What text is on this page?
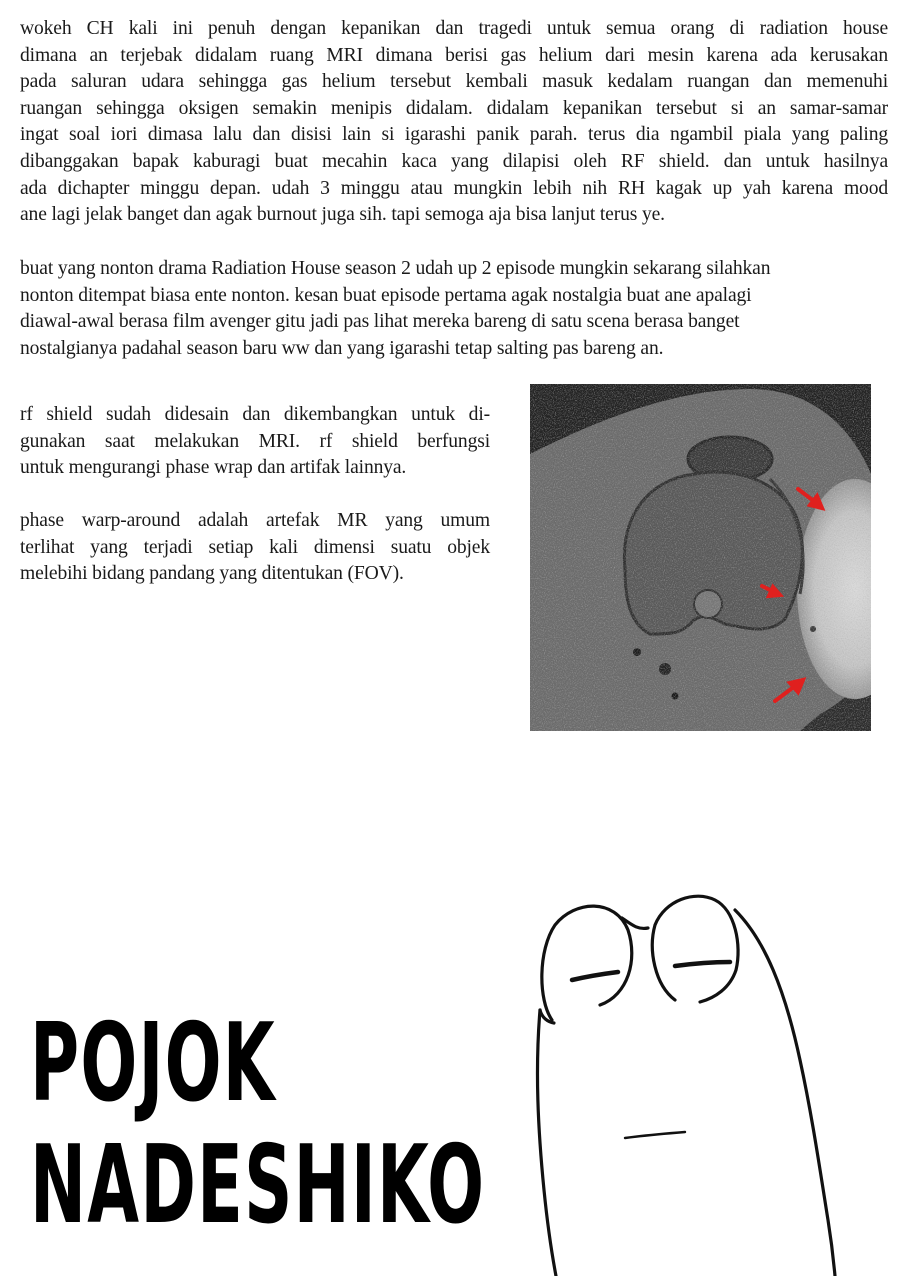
wokeh CH kali ini penuh dengan kepanikan dan tragedi untuk semua orang di radiation house
dimana an terjebak didalam ruang MRI dimana berisi gas helium dari mesin karena ada kerusakan
pada saluran udara sehingga gas helium tersebut kembali masuk kedalam ruangan dan memenuhi
ruangan sehingga oksigen semakin menipis didalam. didalam kepanikan tersebut si an samar-samar
ingat soal iori dimasa lalu dan disisi lain si igarashi panik parah. terus dia ngambil piala yang paling
dibanggakan bapak kaburagi buat mecahin kaca yang dilapisi oleh RF shield. dan untuk hasilnya
ada dichapter minggu depan. udah 3 minggu atau mungkin lebih nih RH kagak up yah karena mood
ane lagi jelak banget dan agak burnout juga sih. tapi semoga aja bisa lanjut terus ye.
buat yang nonton drama Radiation House season 2 udah up 2 episode mungkin sekarang silahkan
nonton ditempat biasa ente nonton. kesan buat episode pertama agak nostalgia buat ane apalagi
diawal-awal berasa film avenger gitu jadi pas lihat mereka bareng di satu scena berasa banget
nostalgianya padahal season baru ww dan yang igarashi tetap salting pas bareng an.
rf shield sudah didesain dan dikembangkan untuk di-
gunakan saat melakukan MRI. rf shield berfungsi
untuk mengurangi phase wrap dan artifak lainnya.
phase warp-around adalah artefak MR yang umum
terlihat yang terjadi setiap kali dimensi suatu objek
melebihi bidang pandang yang ditentukan (FOV).
POJOK
NADESHIKO
